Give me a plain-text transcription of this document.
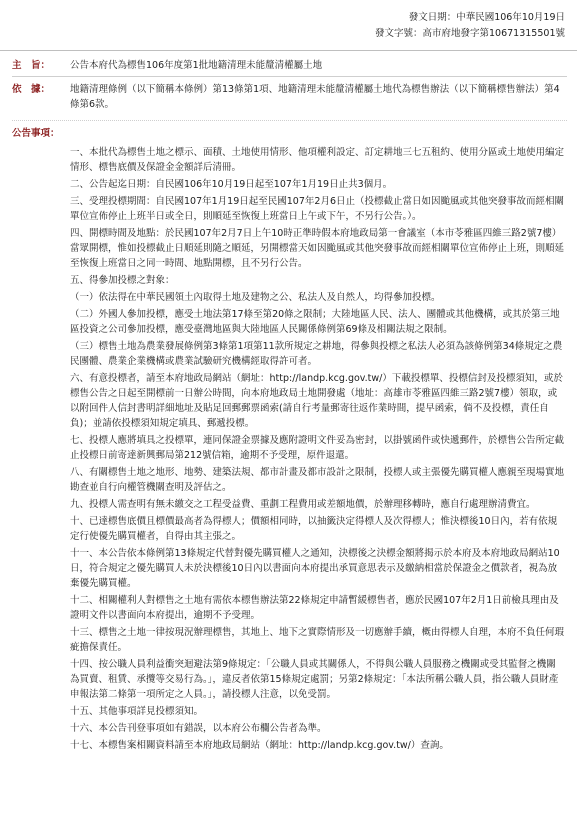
發文日期：中華民國106年10月19日
發文字號：高市府地發字第10671315501號
主　旨：	公告本府代為標售106年度第1批地籍清理未能釐清權屬土地
依　據：	地籍清理條例（以下簡稱本條例）第13條第1項、地籍清理未能釐清權屬土地代為標售辦法（以下簡稱標售辦法）第4條第6款。
公告事項：

一、本批代為標售土地之標示、面積、土地使用情形、他項權利設定、訂定耕地三七五租約、使用分區或土地使用編定情形、標售底價及保證金金額詳后清冊。

二、公告起迄日期：自民國106年10月19日起至107年1月19日止共3個月。

三、受理投標期間：自民國107年1月19日起至民國107年2月6日止（投標截止當日如因颱風或其他突發事故而經相關單位宣佈停止上班半日或全日，則順延至恢復上班當日上午或下午，不另行公告。）。

四、開標時間及地點：於民國107年2月7日上午10時正準時假本府地政局第一會議室（本市苓雅區四維三路2號7樓）當眾開標，惟如投標截止日順延則隨之順延，另開標當天如因颱風或其他突發事故而經相關單位宣佈停止上班，則順延至恢復上班當日之同一時間、地點開標，且不另行公告。

五、得參加投標之對象：

（一）依法得在中華民國領土內取得土地及建物之公、私法人及自然人，均得參加投標。

（二）外國人參加投標，應受土地法第17條至第20條之限制；大陸地區人民、法人、團體或其他機構，或其於第三地區投資之公司參加投標，應受臺灣地區與大陸地區人民關係條例第69條及相關法規之限制。

（三）標售土地為農業發展條例第3條第1項第11款所規定之耕地，得參與投標之私法人必須為該條例第34條規定之農民團體、農業企業機構或農業試驗研究機構經取得許可者。

六、有意投標者，請至本府地政局網站（網址：http://landp.kcg.gov.tw/）下載投標單、投標信封及投標須知，或於標售公告之日起至開標前一日辦公時間，向本府地政局土地開發處（地址：高雄市苓雅區四維三路2號7樓）領取，或以附回件人信封書明詳細地址及貼足回郵郵票函索(請自行考量郵寄往返作業時間，提早函索，倘不及投標，責任自負)；並請依投標須知規定填具、郵遞投標。

七、投標人應將填具之投標單，連同保證金票據及應附證明文件妥為密封，以掛號函件或快遞郵件，於標售公告所定截止投標日前寄達新興郵局第212號信箱，逾期不予受理，原件退還。

八、有關標售土地之地形、地勢、建築法規、都市計畫及都市設計之限制，投標人或主張優先購買權人應親至現場實地勘查並自行向權管機關查明及評估之。

九、投標人需查明有無未繳交之工程受益費、重劃工程費用或差額地價，於辦理移轉時，應自行處理辦清費宜。

十、已達標售底價且標價最高者為得標人；價額相同時，以抽籤決定得標人及次得標人；惟決標後10日內，若有依規定行使優先購買權者，自得由其主張之。

十一、本公告依本條例第13條規定代替對優先購買權人之通知，決標後之決標金額將揭示於本府及本府地政局網站10日，符合規定之優先購買人未於決標後10日內以書面向本府提出承買意思表示及繳納相當於保證金之價款者，視為放棄優先購買權。

十二、相關權利人對標售之土地有需依本標售辦法第22條規定申請暫緩標售者，應於民國107年2月1日前檢具理由及證明文件以書面向本府提出，逾期不予受理。

十三、標售之土地一律按現況辦理標售，其地上、地下之實際情形及一切應辦手續，概由得標人自理，本府不負任何瑕疵擔保責任。

十四、按公職人員利益衝突迴避法第9條規定：「公職人員或其關係人，不得與公職人員服務之機關或受其監督之機關為買賣、租賃、承攬等交易行為。」，違反者依第15條規定處罰；另第2條規定：「本法所稱公職人員，指公職人員財產申報法第二條第一項所定之人員。」，請投標人注意，以免受罰。

十五、其他事項詳見投標須知。

十六、本公告刊登事項如有錯誤，以本府公布欄公告者為準。

十七、本標售案相關資料請至本府地政局網站（網址：http://landp.kcg.gov.tw/）查詢。
